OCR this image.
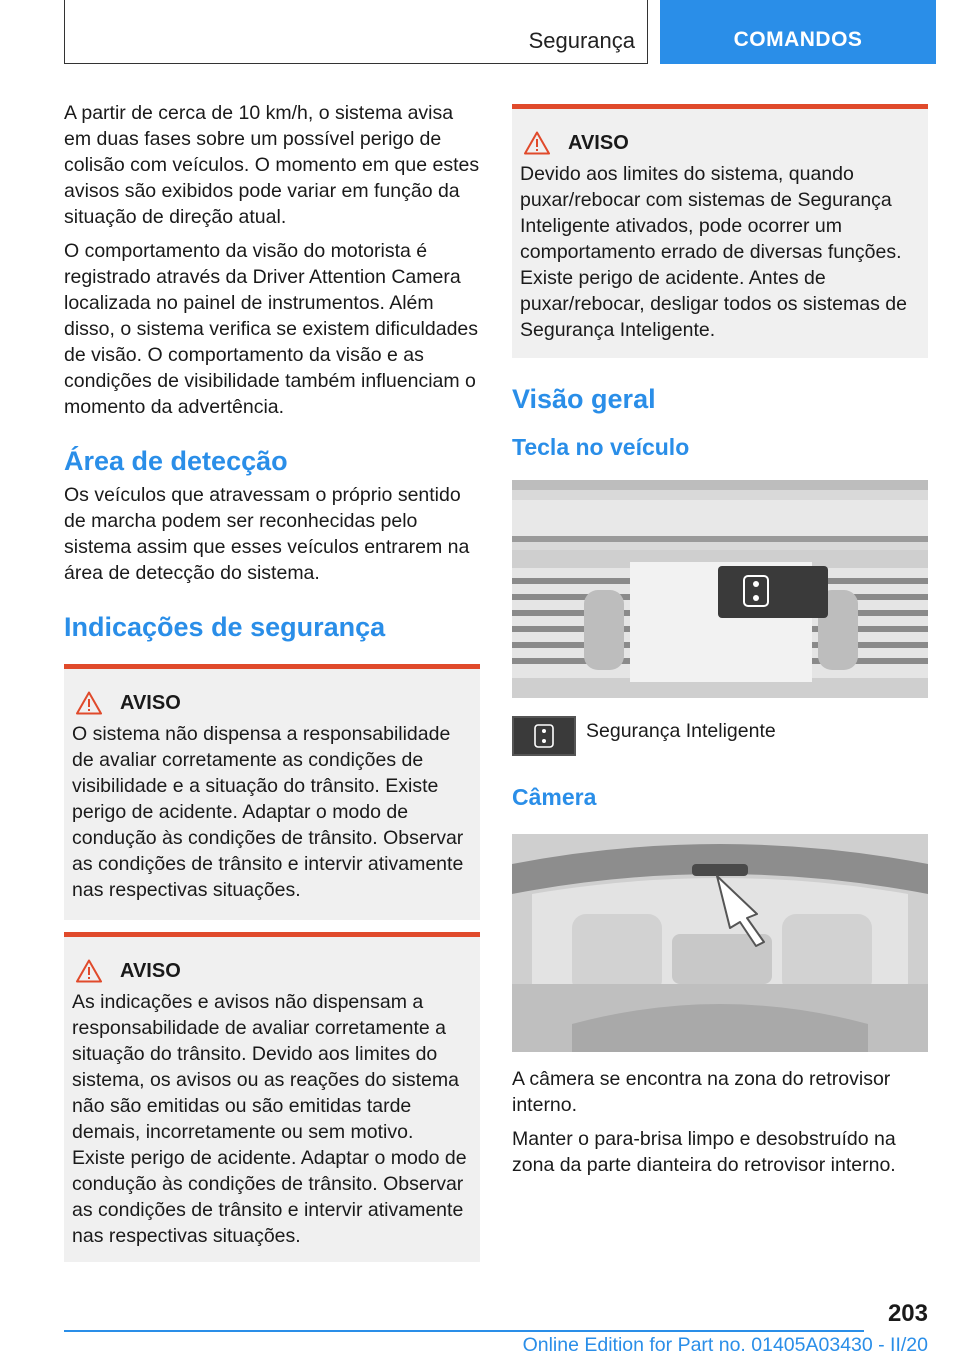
Segurança	COMANDOS

A partir de cerca de 10 km/h, o sistema avisa em duas fases sobre um possível perigo de colisão com veículos. O momento em que estes avisos são exibidos pode variar em função da situação de direção atual.

O comportamento da visão do motorista é registrado através da Driver Attention Camera localizada no painel de instrumentos. Além disso, o sistema verifica se existem dificuldades de visão. O comportamento da visão e as condições de visibilidade também influenciam o momento da advertência.

Área de detecção

Os veículos que atravessam o próprio sentido de marcha podem ser reconhecidas pelo sistema assim que esses veículos entrarem na área de detecção do sistema.

Indicações de segurança
AVISO

O sistema não dispensa a responsabilidade de avaliar corretamente as condições de visibilidade e a situação do trânsito. Existe perigo de acidente. Adaptar o modo de condução às condições de trânsito. Observar as condições de trânsito e intervir ativamente nas respectivas situações.

AVISO

As indicações e avisos não dispensam a responsabilidade de avaliar corretamente a situação do trânsito. Devido aos limites do sistema, os avisos ou as reações do sistema não são emitidas ou são emitidas tarde demais, incorretamente ou sem motivo. Existe perigo de acidente. Adaptar o modo de condução às condições de trânsito. Observar as condições de trânsito e intervir ativamente nas respectivas situações.

AVISO

Devido aos limites do sistema, quando puxar/rebocar com sistemas de Segurança Inteligente ativados, pode ocorrer um comportamento errado de diversas funções. Existe perigo de acidente. Antes de puxar/rebocar, desligar todos os sistemas de Segurança Inteligente.

Visão geral
Tecla no veículo
Segurança Inteligente
Câmera

A câmera se encontra na zona do retrovisor interno.

Manter o para-brisa limpo e desobstruído na zona da parte dianteira do retrovisor interno.

203
Online Edition for Part no. 01405A03430 - II/20
